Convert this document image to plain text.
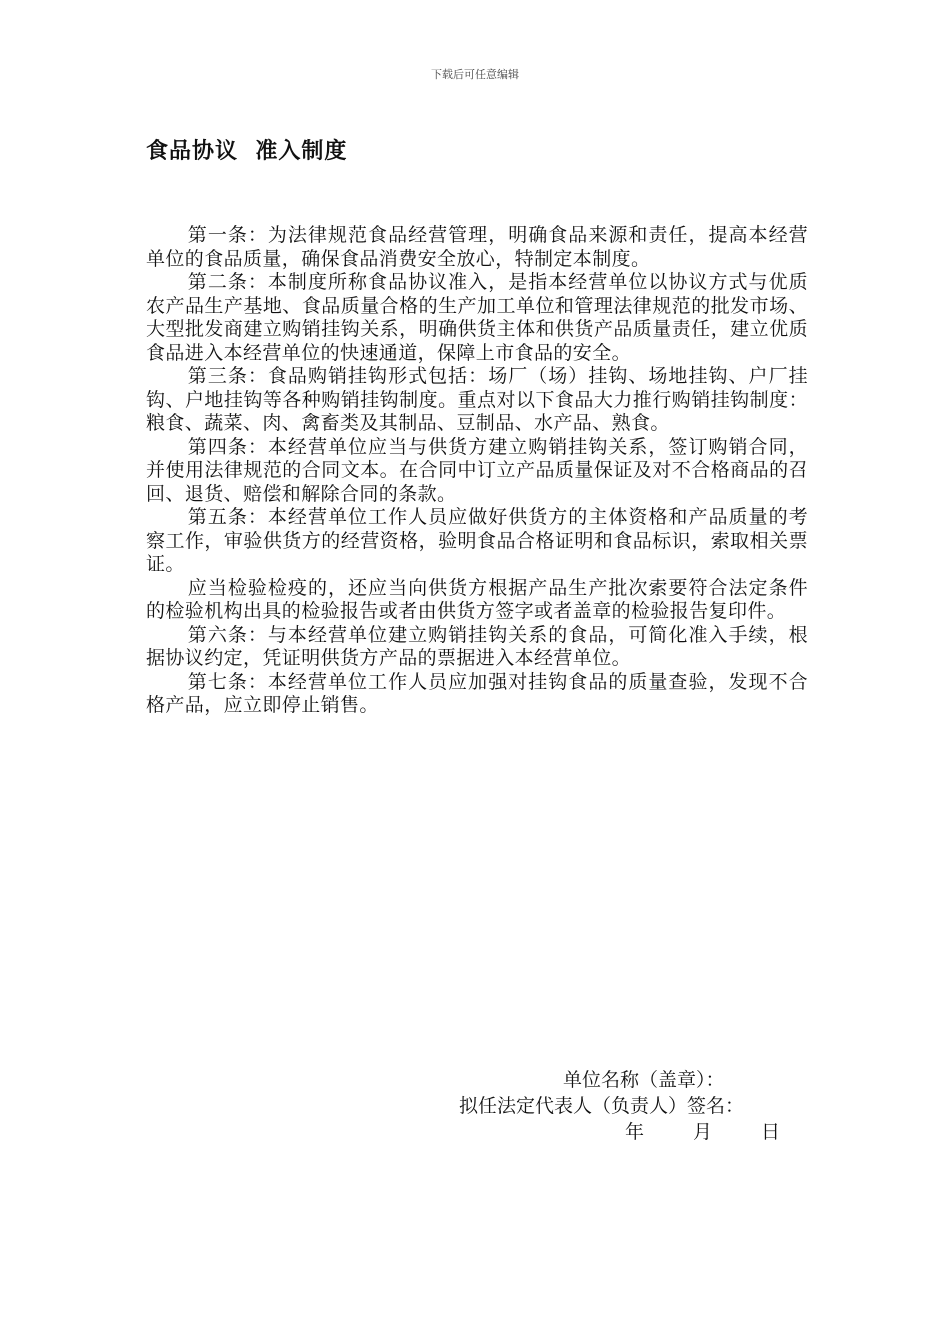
下载后可任意编辑
食品协议  准入制度

第一条：为法律规范食品经营管理，明确食品来源和责任，提高本经营单位的食品质量，确保食品消费安全放心，特制定本制度。

第二条：本制度所称食品协议准入，是指本经营单位以协议方式与优质农产品生产基地、食品质量合格的生产加工单位和管理法律规范的批发市场、大型批发商建立购销挂钩关系，明确供货主体和供货产品质量责任，建立优质食品进入本经营单位的快速通道，保障上市食品的安全。

第三条：食品购销挂钩形式包括：场厂（场）挂钩、场地挂钩、户厂挂钩、户地挂钩等各种购销挂钩制度。重点对以下食品大力推行购销挂钩制度：粮食、蔬菜、肉、禽畜类及其制品、豆制品、水产品、熟食。

第四条：本经营单位应当与供货方建立购销挂钩关系，签订购销合同，并使用法律规范的合同文本。在合同中订立产品质量保证及对不合格商品的召回、退货、赔偿和解除合同的条款。

第五条：本经营单位工作人员应做好供货方的主体资格和产品质量的考察工作，审验供货方的经营资格，验明食品合格证明和食品标识，索取相关票证。

应当检验检疫的，还应当向供货方根据产品生产批次索要符合法定条件的检验机构出具的检验报告或者由供货方签字或者盖章的检验报告复印件。

第六条：与本经营单位建立购销挂钩关系的食品，可简化准入手续，根据协议约定，凭证明供货方产品的票据进入本经营单位。

第七条：本经营单位工作人员应加强对挂钩食品的质量查验，发现不合格产品，应立即停止销售。

单位名称（盖章）：
拟任法定代表人（负责人）签名：

年

	月

	日
